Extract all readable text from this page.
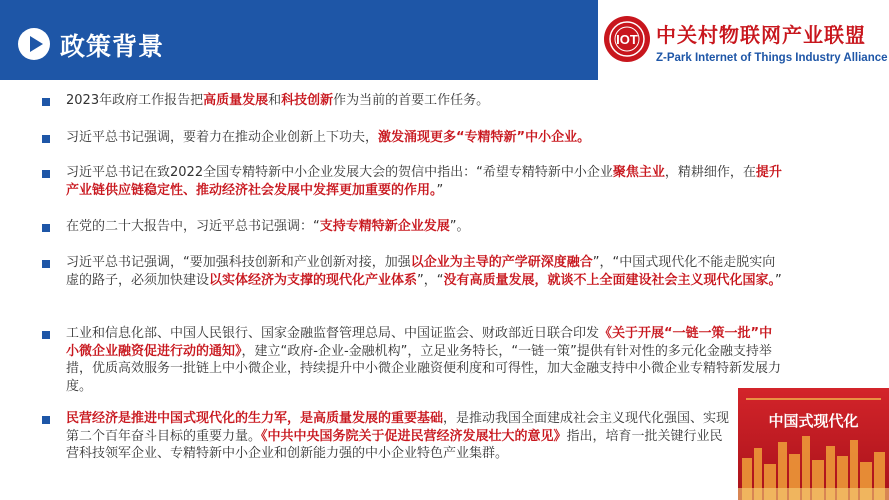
政策背景	IOT 中关村物联网产业联盟
Z-Park Internet of Things Industry Alliance
2023年政府工作报告把高质量发展和科技创新作为当前的首要工作任务。
习近平总书记强调，要着力在推动企业创新上下功夫，激发涌现更多“专精特新”中小企业。
习近平总书记在致2022全国专精特新中小企业发展大会的贺信中指出：“希望专精特新中小企业聚焦主业，精耕细作，在提升产业链供应链稳定性、推动经济社会发展中发挥更加重要的作用。”
在党的二十大报告中，习近平总书记强调：“支持专精特新企业发展”。
习近平总书记强调，“要加强科技创新和产业创新对接，加强以企业为主导的产学研深度融合”，“中国式现代化不能走脱实向虚的路子，必须加快建设以实体经济为支撑的现代化产业体系”，“没有高质量发展，就谈不上全面建设社会主义现代化国家。”
工业和信息化部、中国人民银行、国家金融监督管理总局、中国证监会、财政部近日联合印发《关于开展“一链一策一批”中小微企业融资促进行动的通知》，建立“政府-企业-金融机构”，立足业务特长，“一链一策”提供有针对性的多元化金融支持举措，优质高效服务一批链上中小微企业，持续提升中小微企业融资便利度和可得性，加大金融支持中小微企业专精特新发展力度。
民营经济是推进中国式现代化的生力军，是高质量发展的重要基础，是推动我国全面建成社会主义现代化强国、实现第二个百年奋斗目标的重要力量。《中共中央国务院关于促进民营经济发展壮大的意见》指出，培育一批关键行业民营科技领军企业、专精特新中小企业和创新能力强的中小企业特色产业集群。
中国式现代化
